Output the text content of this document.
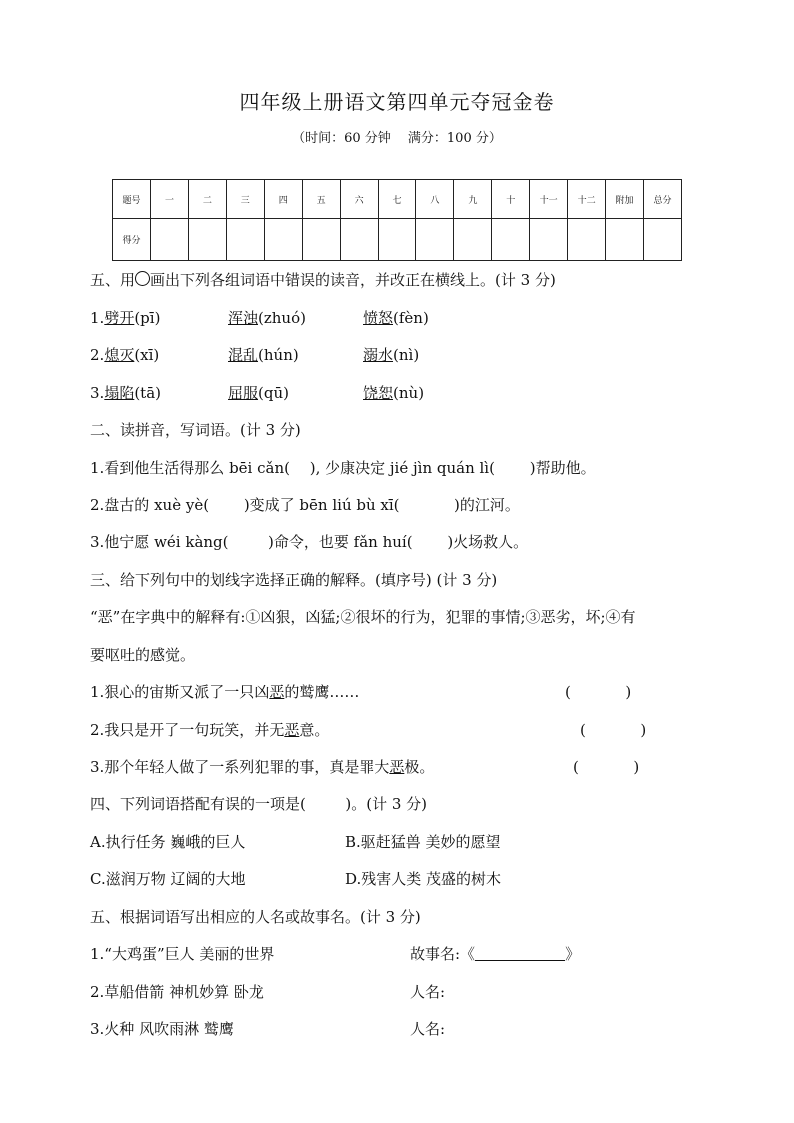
四年级上册语文第四单元夺冠金卷
（时间：60 分钟　 满分：100 分）
题号	一	二	三	四	五	六	七	八	九	十	十一	十二	附加	总分
得分														
五、用 画出下列各组词语中错误的读音，并改正在横线上。(计 3 分)
1.劈开(pī)	浑浊(zhuó)	愤怒(fèn)
2.熄灭(xī)	混乱(hún)	溺水(nì)
3.塌陷(tā)	屈服(qū)	饶恕(nù)
二、读拼音，写词语。(计 3 分)
1.看到他生活得那么 bēi cǎn(　 ), 少康决定 jié jìn quán lì(　 　)帮助他。
2.盘古的 xuè yè(　 　)变成了 bēn liú bù xī(　 　 　)的江河。
3.他宁愿 wéi kàng(　 　 )命令，也要 fǎn huí(　 　)火场救人。
三、给下列句中的划线字选择正确的解释。(填序号) (计 3 分)
“恶”在字典中的解释有:①凶狠，凶猛;②很坏的行为，犯罪的事情;③恶劣，坏;④有
要呕吐的感觉。
1.狠心的宙斯又派了一只凶恶的鹫鹰……	(　 　 　)
2.我只是开了一句玩笑，并无恶意。	(　 　 　)
3.那个年轻人做了一系列犯罪的事，真是罪大恶极。	(　 　 　)
四、下列词语搭配有误的一项是(　 　 )。(计 3 分)
A.执行任务 巍峨的巨人	B.驱赶猛兽 美妙的愿望
C.滋润万物 辽阔的大地	D.残害人类 茂盛的树木
五、根据词语写出相应的人名或故事名。(计 3 分)
1.“大鸡蛋”巨人 美丽的世界	故事名:《	》
2.草船借箭 神机妙算 卧龙	人名:
3.火种 风吹雨淋 鹫鹰	人名:
